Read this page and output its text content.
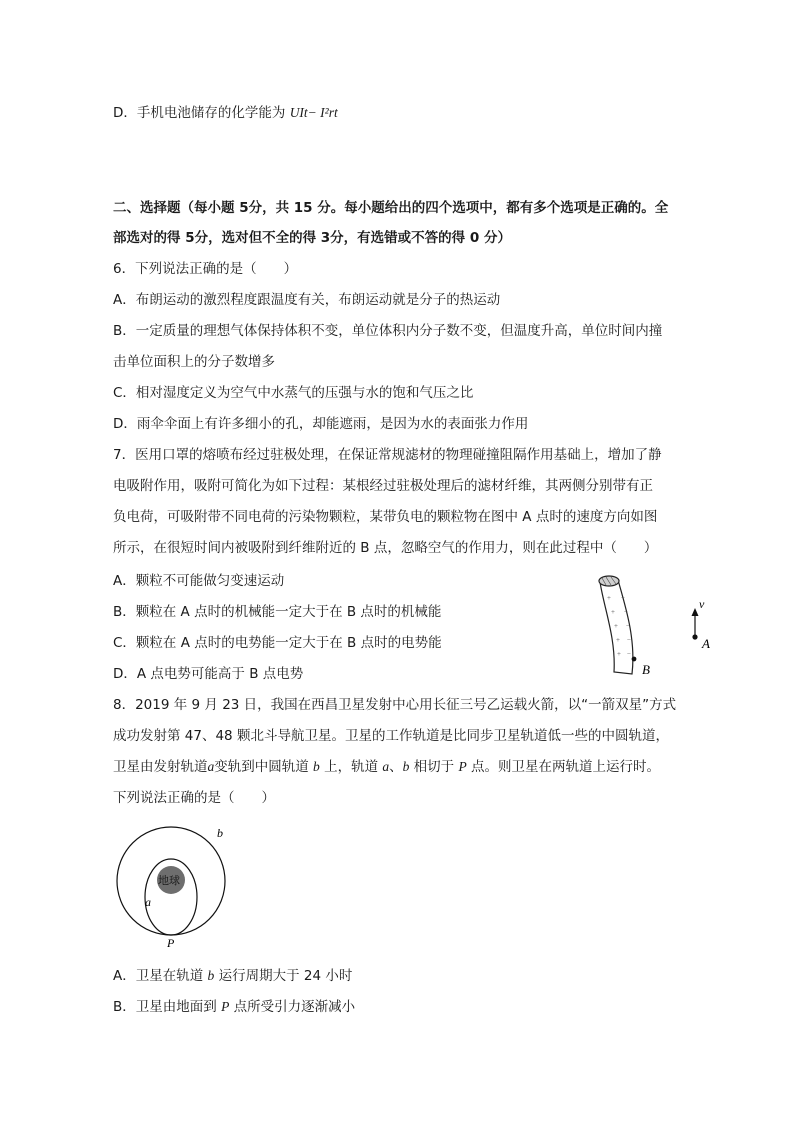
D．手机电池储存的化学能为 UIt− I²rt
二、选择题（每小题 5分，共 15 分。每小题给出的四个选项中，都有多个选项是正确的。全
部选对的得 5分，选对但不全的得 3分，有选错或不答的得 0 分）
6．下列说法正确的是（　　）
A．布朗运动的激烈程度跟温度有关，布朗运动就是分子的热运动
B．一定质量的理想气体保持体积不变，单位体积内分子数不变，但温度升高，单位时间内撞
击单位面积上的分子数增多
C．相对湿度定义为空气中水蒸气的压强与水的饱和气压之比
D．雨伞伞面上有许多细小的孔，却能遮雨，是因为水的表面张力作用
7．医用口罩的熔喷布经过驻极处理，在保证常规滤材的物理碰撞阻隔作用基础上，增加了静
电吸附作用，吸附可简化为如下过程：某根经过驻极处理后的滤材纤维，其两侧分别带有正
负电荷，可吸附带不同电荷的污染物颗粒，某带负电的颗粒物在图中 A 点时的速度方向如图
所示，在很短时间内被吸附到纤维附近的 B 点，忽略空气的作用力，则在此过程中（　　）
A．颗粒不可能做匀变速运动
B．颗粒在 A 点时的机械能一定大于在 B 点时的机械能
C．颗粒在 A 点时的电势能一定大于在 B 点时的电势能
D．A 点电势可能高于 B 点电势
+
+
+
+
+
−
−
−
−
−
B
v
A
8．2019 年 9 月 23 日，我国在西昌卫星发射中心用长征三号乙运载火箭，以“一箭双星”方式
成功发射第 47、48 颗北斗导航卫星。卫星的工作轨道是比同步卫星轨道低一些的中圆轨道，
卫星由发射轨道a变轨到中圆轨道 b 上，轨道 a、b 相切于 P 点。则卫星在两轨道上运行时。
下列说法正确的是（　　）
地球
a
b
P
A．卫星在轨道 b 运行周期大于 24 小时
B．卫星由地面到 P 点所受引力逐渐减小
